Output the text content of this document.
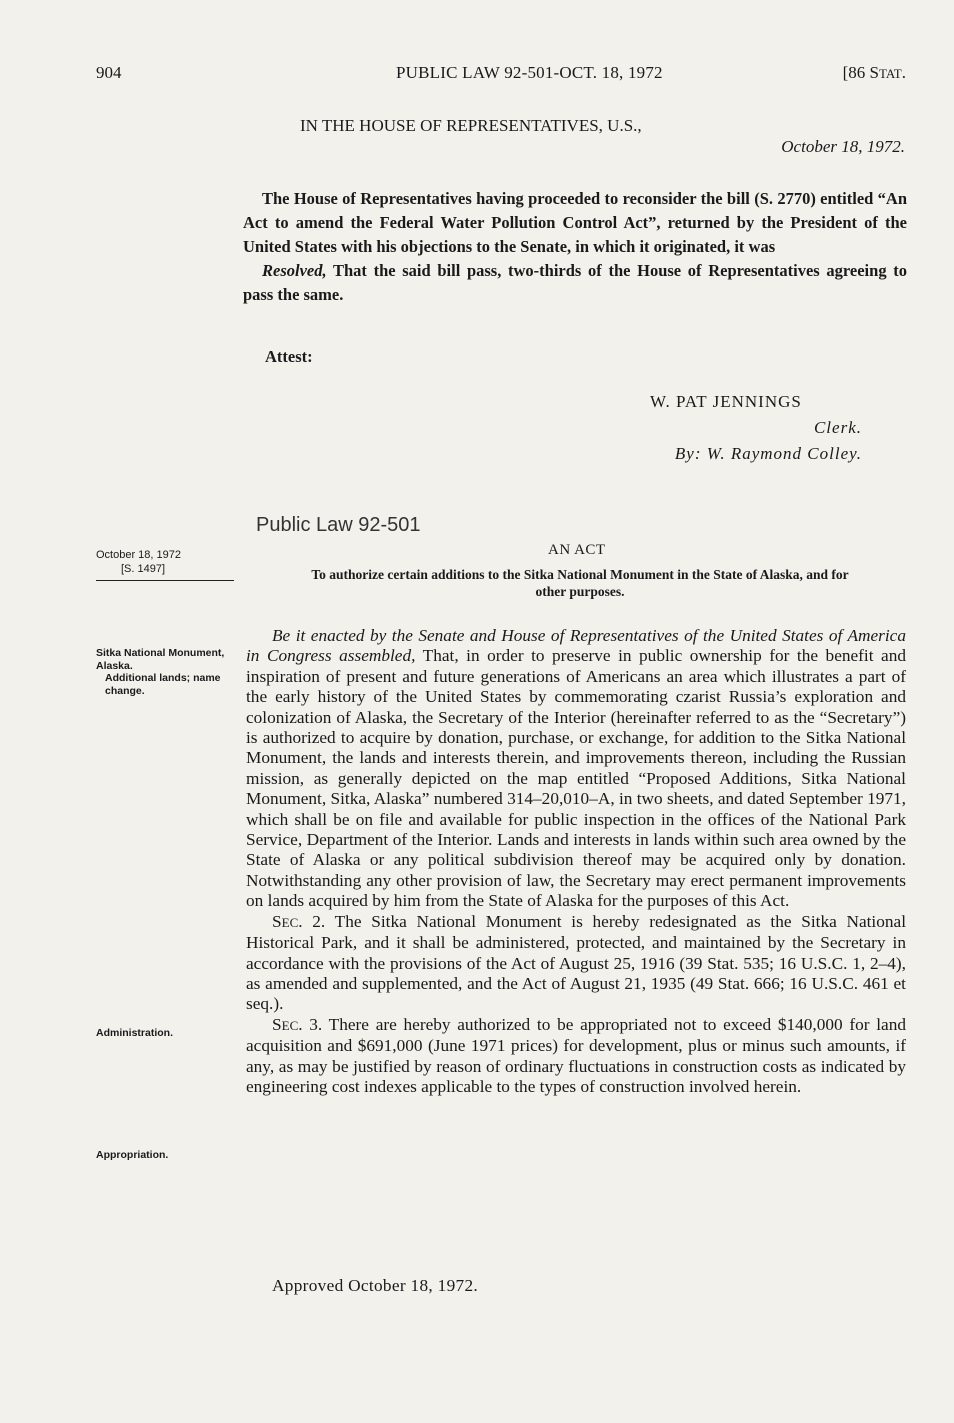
904	PUBLIC LAW 92-501-OCT. 18, 1972	[86 STAT.
IN THE HOUSE OF REPRESENTATIVES, U.S.,
October 18, 1972.

The House of Representatives having proceeded to reconsider the bill (S. 2770) entitled “An Act to amend the Federal Water Pollution Control Act”, returned by the President of the United States with his objections to the Senate, in which it originated, it was

Resolved, That the said bill pass, two-thirds of the House of Representatives agreeing to pass the same.

Attest:
W. PAT JENNINGS
Clerk.
By: W. Raymond Colley.
Public Law 92-501
AN ACT
To authorize certain additions to the Sitka National Monument in the State of Alaska, and for other purposes.
October 18, 1972
[S. 1497]
Sitka National Monument, Alaska.
Additional lands; name change.
Administration.
Appropriation.

Be it enacted by the Senate and House of Representatives of the United States of America in Congress assembled, That, in order to preserve in public ownership for the benefit and inspiration of present and future generations of Americans an area which illustrates a part of the early history of the United States by commemorating czarist Russia’s exploration and colonization of Alaska, the Secretary of the Interior (hereinafter referred to as the “Secretary”) is authorized to acquire by donation, purchase, or exchange, for addition to the Sitka National Monument, the lands and interests therein, and improvements thereon, including the Russian mission, as generally depicted on the map entitled “Proposed Additions, Sitka National Monument, Sitka, Alaska” numbered 314–20,010–A, in two sheets, and dated September 1971, which shall be on file and available for public inspection in the offices of the National Park Service, Department of the Interior. Lands and interests in lands within such area owned by the State of Alaska or any political subdivision thereof may be acquired only by donation. Notwithstanding any other provision of law, the Secretary may erect permanent improvements on lands acquired by him from the State of Alaska for the purposes of this Act.

SEC. 2. The Sitka National Monument is hereby redesignated as the Sitka National Historical Park, and it shall be administered, protected, and maintained by the Secretary in accordance with the provisions of the Act of August 25, 1916 (39 Stat. 535; 16 U.S.C. 1, 2–4), as amended and supplemented, and the Act of August 21, 1935 (49 Stat. 666; 16 U.S.C. 461 et seq.).

SEC. 3. There are hereby authorized to be appropriated not to exceed $140,000 for land acquisition and $691,000 (June 1971 prices) for development, plus or minus such amounts, if any, as may be justified by reason of ordinary fluctuations in construction costs as indicated by engineering cost indexes applicable to the types of construction involved herein.

Approved October 18, 1972.
